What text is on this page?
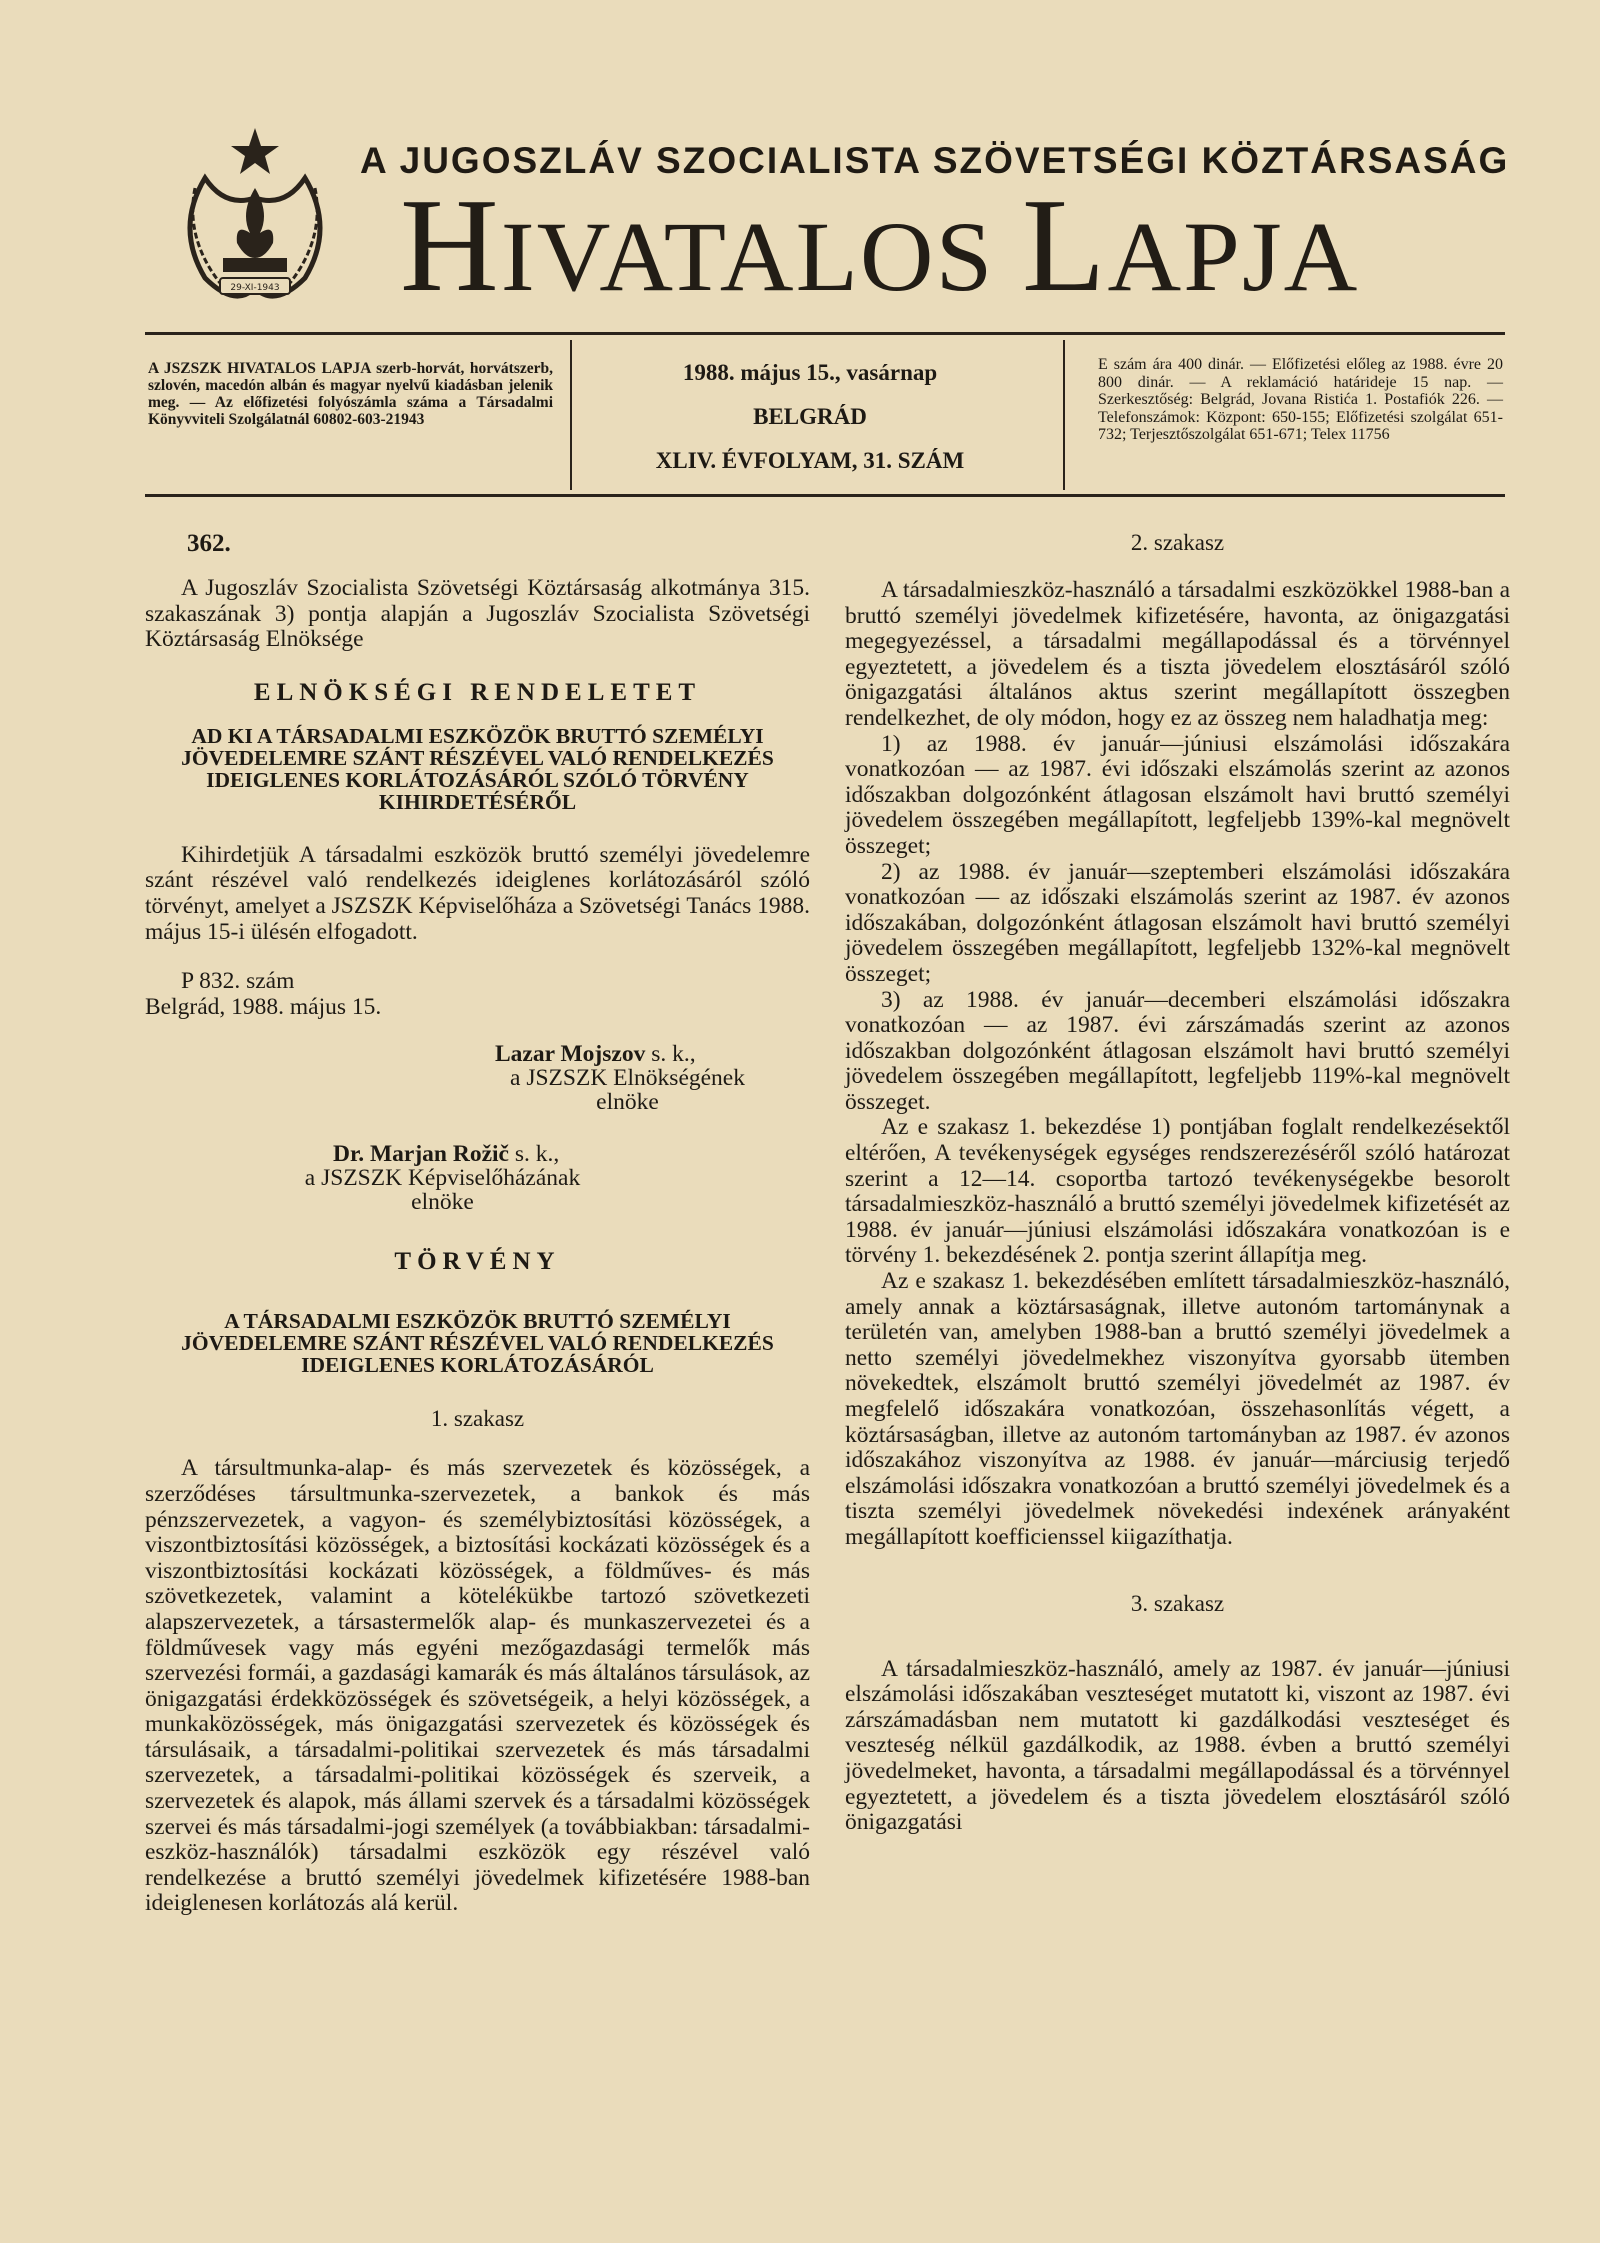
29-XI-1943
A JUGOSZLÁV SZOCIALISTA SZÖVETSÉGI KÖZTÁRSASÁG
HIVATALOS LAPJA
A JSZSZK HIVATALOS LAPJA szerb-horvát, horvátszerb, szlovén, macedón albán és magyar nyelvű kiadásban jelenik meg. — Az előfizetési folyószámla száma a Társadalmi Könyvviteli Szolgálatnál 60802-603-21943
1988. május 15., vasárnap
BELGRÁD
XLIV. ÉVFOLYAM, 31. SZÁM
E szám ára 400 dinár. — Előfizetési előleg az 1988. évre 20 800 dinár. — A reklamáció határideje 15 nap. — Szerkesztőség: Belgrád, Jovana Ristića 1. Postafiók 226. — Telefonszámok: Központ: 650-155; Előfizetési szolgálat 651-732; Terjesztőszolgálat 651-671; Telex 11756
362.

A Jugoszláv Szocialista Szövetségi Köztársaság alkotmánya 315. szakaszának 3) pontja alapján a Jugoszláv Szocialista Szövetségi Köztársaság Elnöksége

ELNÖKSÉGI RENDELETET
AD KI A TÁRSADALMI ESZKÖZÖK BRUTTÓ SZEMÉLYI JÖVEDELEMRE SZÁNT RÉSZÉVEL VALÓ RENDELKEZÉS IDEIGLENES KORLÁTOZÁSÁRÓL SZÓLÓ TÖRVÉNY KIHIRDETÉSÉRŐL

Kihirdetjük A társadalmi eszközök bruttó személyi jövedelemre szánt részével való rendelkezés ideiglenes korlátozásáról szóló törvényt, amelyet a JSZSZK Képviselőháza a Szövetségi Tanács 1988. május 15-i ülésén elfogadott.

P 832. szám

Belgrád, 1988. május 15.

Lazar Mojszov s. k.,

a JSZSZK Elnökségének

elnöke

Dr. Marjan Rožič s. k.,

a JSZSZK Képviselőházának

elnöke

TÖRVÉNY
A TÁRSADALMI ESZKÖZÖK BRUTTÓ SZEMÉLYI JÖVEDELEMRE SZÁNT RÉSZÉVEL VALÓ RENDELKEZÉS IDEIGLENES KORLÁTOZÁSÁRÓL
1. szakasz

A társultmunka-alap- és más szervezetek és közösségek, a szerződéses társultmunka-szervezetek, a bankok és más pénzszervezetek, a vagyon- és személybiztosítási közösségek, a viszontbiztosítási közösségek, a biztosítási kockázati közösségek és a viszontbiztosítási kockázati közösségek, a földműves- és más szövetkezetek, valamint a kötelékükbe tartozó szövetkezeti alapszervezetek, a társastermelők alap- és munkaszervezetei és a földművesek vagy más egyéni mezőgazdasági termelők más szervezési formái, a gazdasági kamarák és más általános társulások, az önigazgatási érdekközösségek és szövetségeik, a helyi közösségek, a munkaközösségek, más önigazgatási szervezetek és közösségek és társulásaik, a társadalmi-politikai szervezetek és más társadalmi szervezetek, a társadalmi-politikai közösségek és szerveik, a szervezetek és alapok, más állami szervek és a társadalmi közösségek szervei és más társadalmi-jogi személyek (a továbbiakban: társadalmi-eszköz-használók) társadalmi eszközök egy részével való rendelkezése a bruttó személyi jövedelmek kifizetésére 1988-ban ideiglenesen korlátozás alá kerül.

2. szakasz

A társadalmieszköz-használó a társadalmi eszközökkel 1988-ban a bruttó személyi jövedelmek kifizetésére, havonta, az önigazgatási megegyezéssel, a társadalmi megállapodással és a törvénnyel egyeztetett, a jövedelem és a tiszta jövedelem elosztásáról szóló önigazgatási általános aktus szerint megállapított összegben rendelkezhet, de oly módon, hogy ez az összeg nem haladhatja meg:

1) az 1988. év január—júniusi elszámolási időszakára vonatkozóan — az 1987. évi időszaki elszámolás szerint az azonos időszakban dolgozónként átlagosan elszámolt havi bruttó személyi jövedelem összegében megállapított, legfeljebb 139%-kal megnövelt összeget;

2) az 1988. év január—szeptemberi elszámolási időszakára vonatkozóan — az időszaki elszámolás szerint az 1987. év azonos időszakában, dolgozónként átlagosan elszámolt havi bruttó személyi jövedelem összegében megállapított, legfeljebb 132%-kal megnövelt összeget;

3) az 1988. év január—decemberi elszámolási időszakra vonatkozóan — az 1987. évi zárszámadás szerint az azonos időszakban dolgozónként átlagosan elszámolt havi bruttó személyi jövedelem összegében megállapított, legfeljebb 119%-kal megnövelt összeget.

Az e szakasz 1. bekezdése 1) pontjában foglalt rendelkezésektől eltérően, A tevékenységek egységes rendszerezéséről szóló határozat szerint a 12—14. csoportba tartozó tevékenységekbe besorolt társadalmieszköz-használó a bruttó személyi jövedelmek kifizetését az 1988. év január—júniusi elszámolási időszakára vonatkozóan is e törvény 1. bekezdésének 2. pontja szerint állapítja meg.

Az e szakasz 1. bekezdésében említett társadalmieszköz-használó, amely annak a köztársaságnak, illetve autonóm tartománynak a területén van, amelyben 1988-ban a bruttó személyi jövedelmek a netto személyi jövedelmekhez viszonyítva gyorsabb ütemben növekedtek, elszámolt bruttó személyi jövedelmét az 1987. év megfelelő időszakára vonatkozóan, összehasonlítás végett, a köztársaságban, illetve az autonóm tartományban az 1987. év azonos időszakához viszonyítva az 1988. év január—márciusig terjedő elszámolási időszakra vonatkozóan a bruttó személyi jövedelmek és a tiszta személyi jövedelmek növekedési indexének arányaként megállapított koefficienssel kiigazíthatja.

3. szakasz

A társadalmieszköz-használó, amely az 1987. év január—júniusi elszámolási időszakában veszteséget mutatott ki, viszont az 1987. évi zárszámadásban nem mutatott ki gazdálkodási veszteséget és veszteség nélkül gazdálkodik, az 1988. évben a bruttó személyi jövedelmeket, havonta, a társadalmi megállapodással és a törvénnyel egyeztetett, a jövedelem és a tiszta jövedelem elosztásáról szóló önigazgatási
